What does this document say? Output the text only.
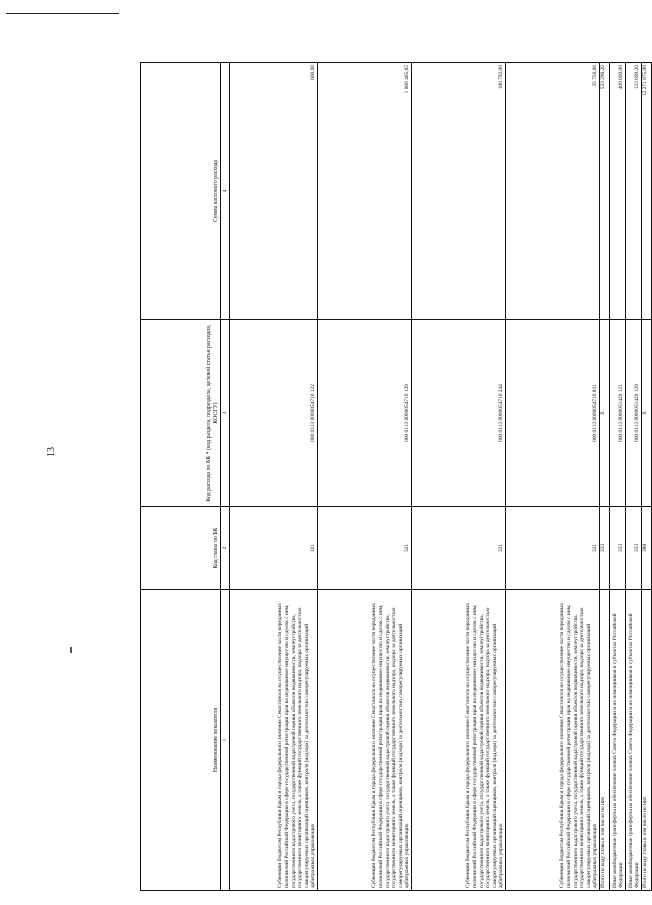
13
Наименование показателя	Код главы по БК	Код расхода по БК * (код раздела, подраздела, целевой статьи расходов, КОСГУ)	Сумма кассового расхода
1	2	3	4
Субвенции бюджетам Республики Крым и города федерального значения Севастополя на осуществление части переданных полномочий Российской Федерации в сфере государственной регистрации прав на недвижимое имущество и сделок с ним, государственного кадастрового учета, государственной кадастровой оценки объектов недвижимости, землеустройства, государственного мониторинга земель, а также функций государственного земельного надзора, надзора за деятельностью саморегулируемых организаций оценщиков, контроля (надзора) за деятельностью саморегулируемых организаций арбитражных управляющих	321	000 0113 0000054710 122	600,00
Субвенции бюджетам Республики Крым и города федерального значения Севастополя на осуществление части переданных полномочий Российской Федерации в сфере государственной регистрации прав на недвижимое имущество и сделок с ним, государственного кадастрового учета, государственной кадастровой оценки объектов недвижимости, землеустройства, государственного мониторинга земель, а также функций государственного земельного надзора, надзора за деятельностью саморегулируемых организаций оценщиков, контроля (надзора) за деятельностью саморегулируемых организаций арбитражных управляющих	321	000 0113 0000054710 129	1 866 465,65
Субвенции бюджетам Республики Крым и города федерального значения Севастополя на осуществление части переданных полномочий Российской Федерации в сфере государственной регистрации прав на недвижимое имущество и сделок с ним, государственного кадастрового учета, государственной кадастровой оценки объектов недвижимости, землеустройства, государственного мониторинга земель, а также функций государственного земельного надзора, надзора за деятельностью саморегулируемых организаций оценщиков, контроля (надзора) за деятельностью саморегулируемых организаций арбитражных управляющих	321	000 0113 0000054710 244	180 792,00
Субвенции бюджетам Республики Крым и города федерального значения Севастополя на осуществление части переданных полномочий Российской Федерации в сфере государственной регистрации прав на недвижимое имущество и сделок с ним, государственного кадастрового учета, государственной кадастровой оценки объектов недвижимости, землеустройства, государственного мониторинга земель, а также функций государственного земельного надзора, надзора за деятельностью саморегулируемых организаций оценщиков, контроля (надзора) за деятельностью саморегулируемых организаций арбитражных управляющих	321	000 0113 0000054710 831	35 750,00
Итого по коду главы в том числе по них	333	X	533 299,20
Иные межбюджетные трансферты на обеспечение членов Совета Федерации и их помощников в субъектах Российской Федерации	333	000 0113 0000051420 121	409 600,00
Иные межбюджетные трансферты на обеспечение членов Совета Федерации и их помощников в субъектах Российской Федерации	333	000 0113 0000051420 129	123 699,20
Итого по коду главы в том числе по них	388	X	12 271 875,00
